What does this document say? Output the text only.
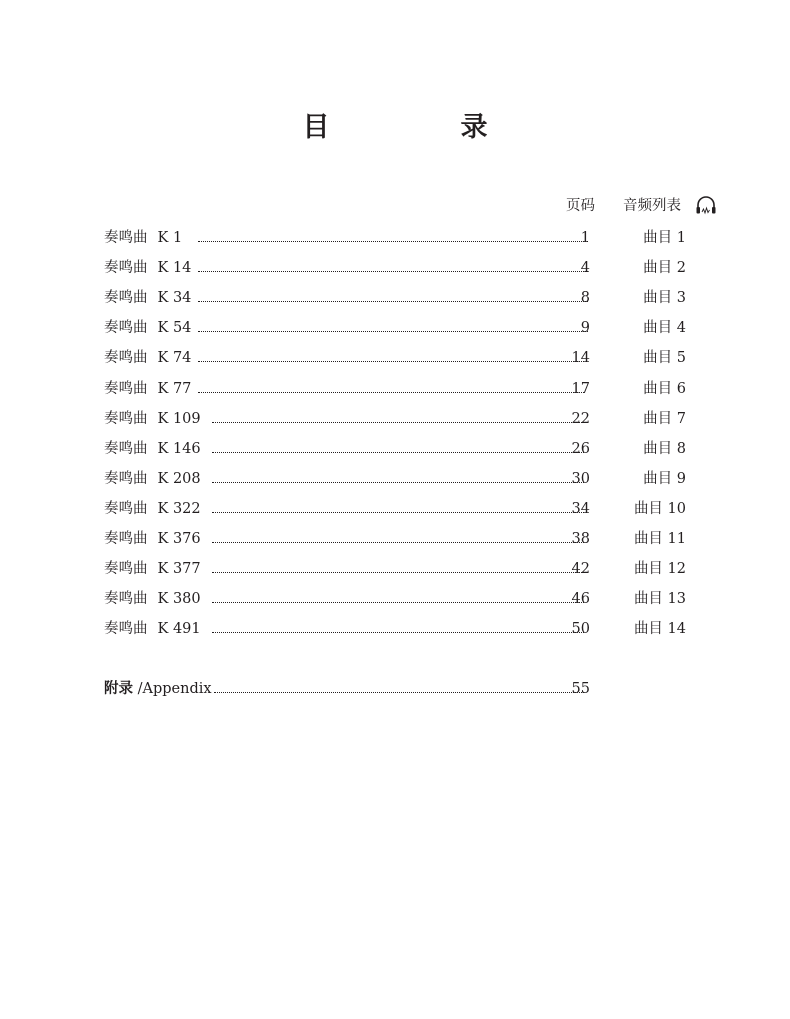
目　录
页码 音频列表
奏鸣曲 K 1	1	曲目 1
奏鸣曲 K 14	4	曲目 2
奏鸣曲 K 34	8	曲目 3
奏鸣曲 K 54	9	曲目 4
奏鸣曲 K 74	14	曲目 5
奏鸣曲 K 77	17	曲目 6
奏鸣曲 K 109	22	曲目 7
奏鸣曲 K 146	26	曲目 8
奏鸣曲 K 208	30	曲目 9
奏鸣曲 K 322	34	曲目 10
奏鸣曲 K 376	38	曲目 11
奏鸣曲 K 377	42	曲目 12
奏鸣曲 K 380	46	曲目 13
奏鸣曲 K 491	50	曲目 14
附录 /Appendix	55
